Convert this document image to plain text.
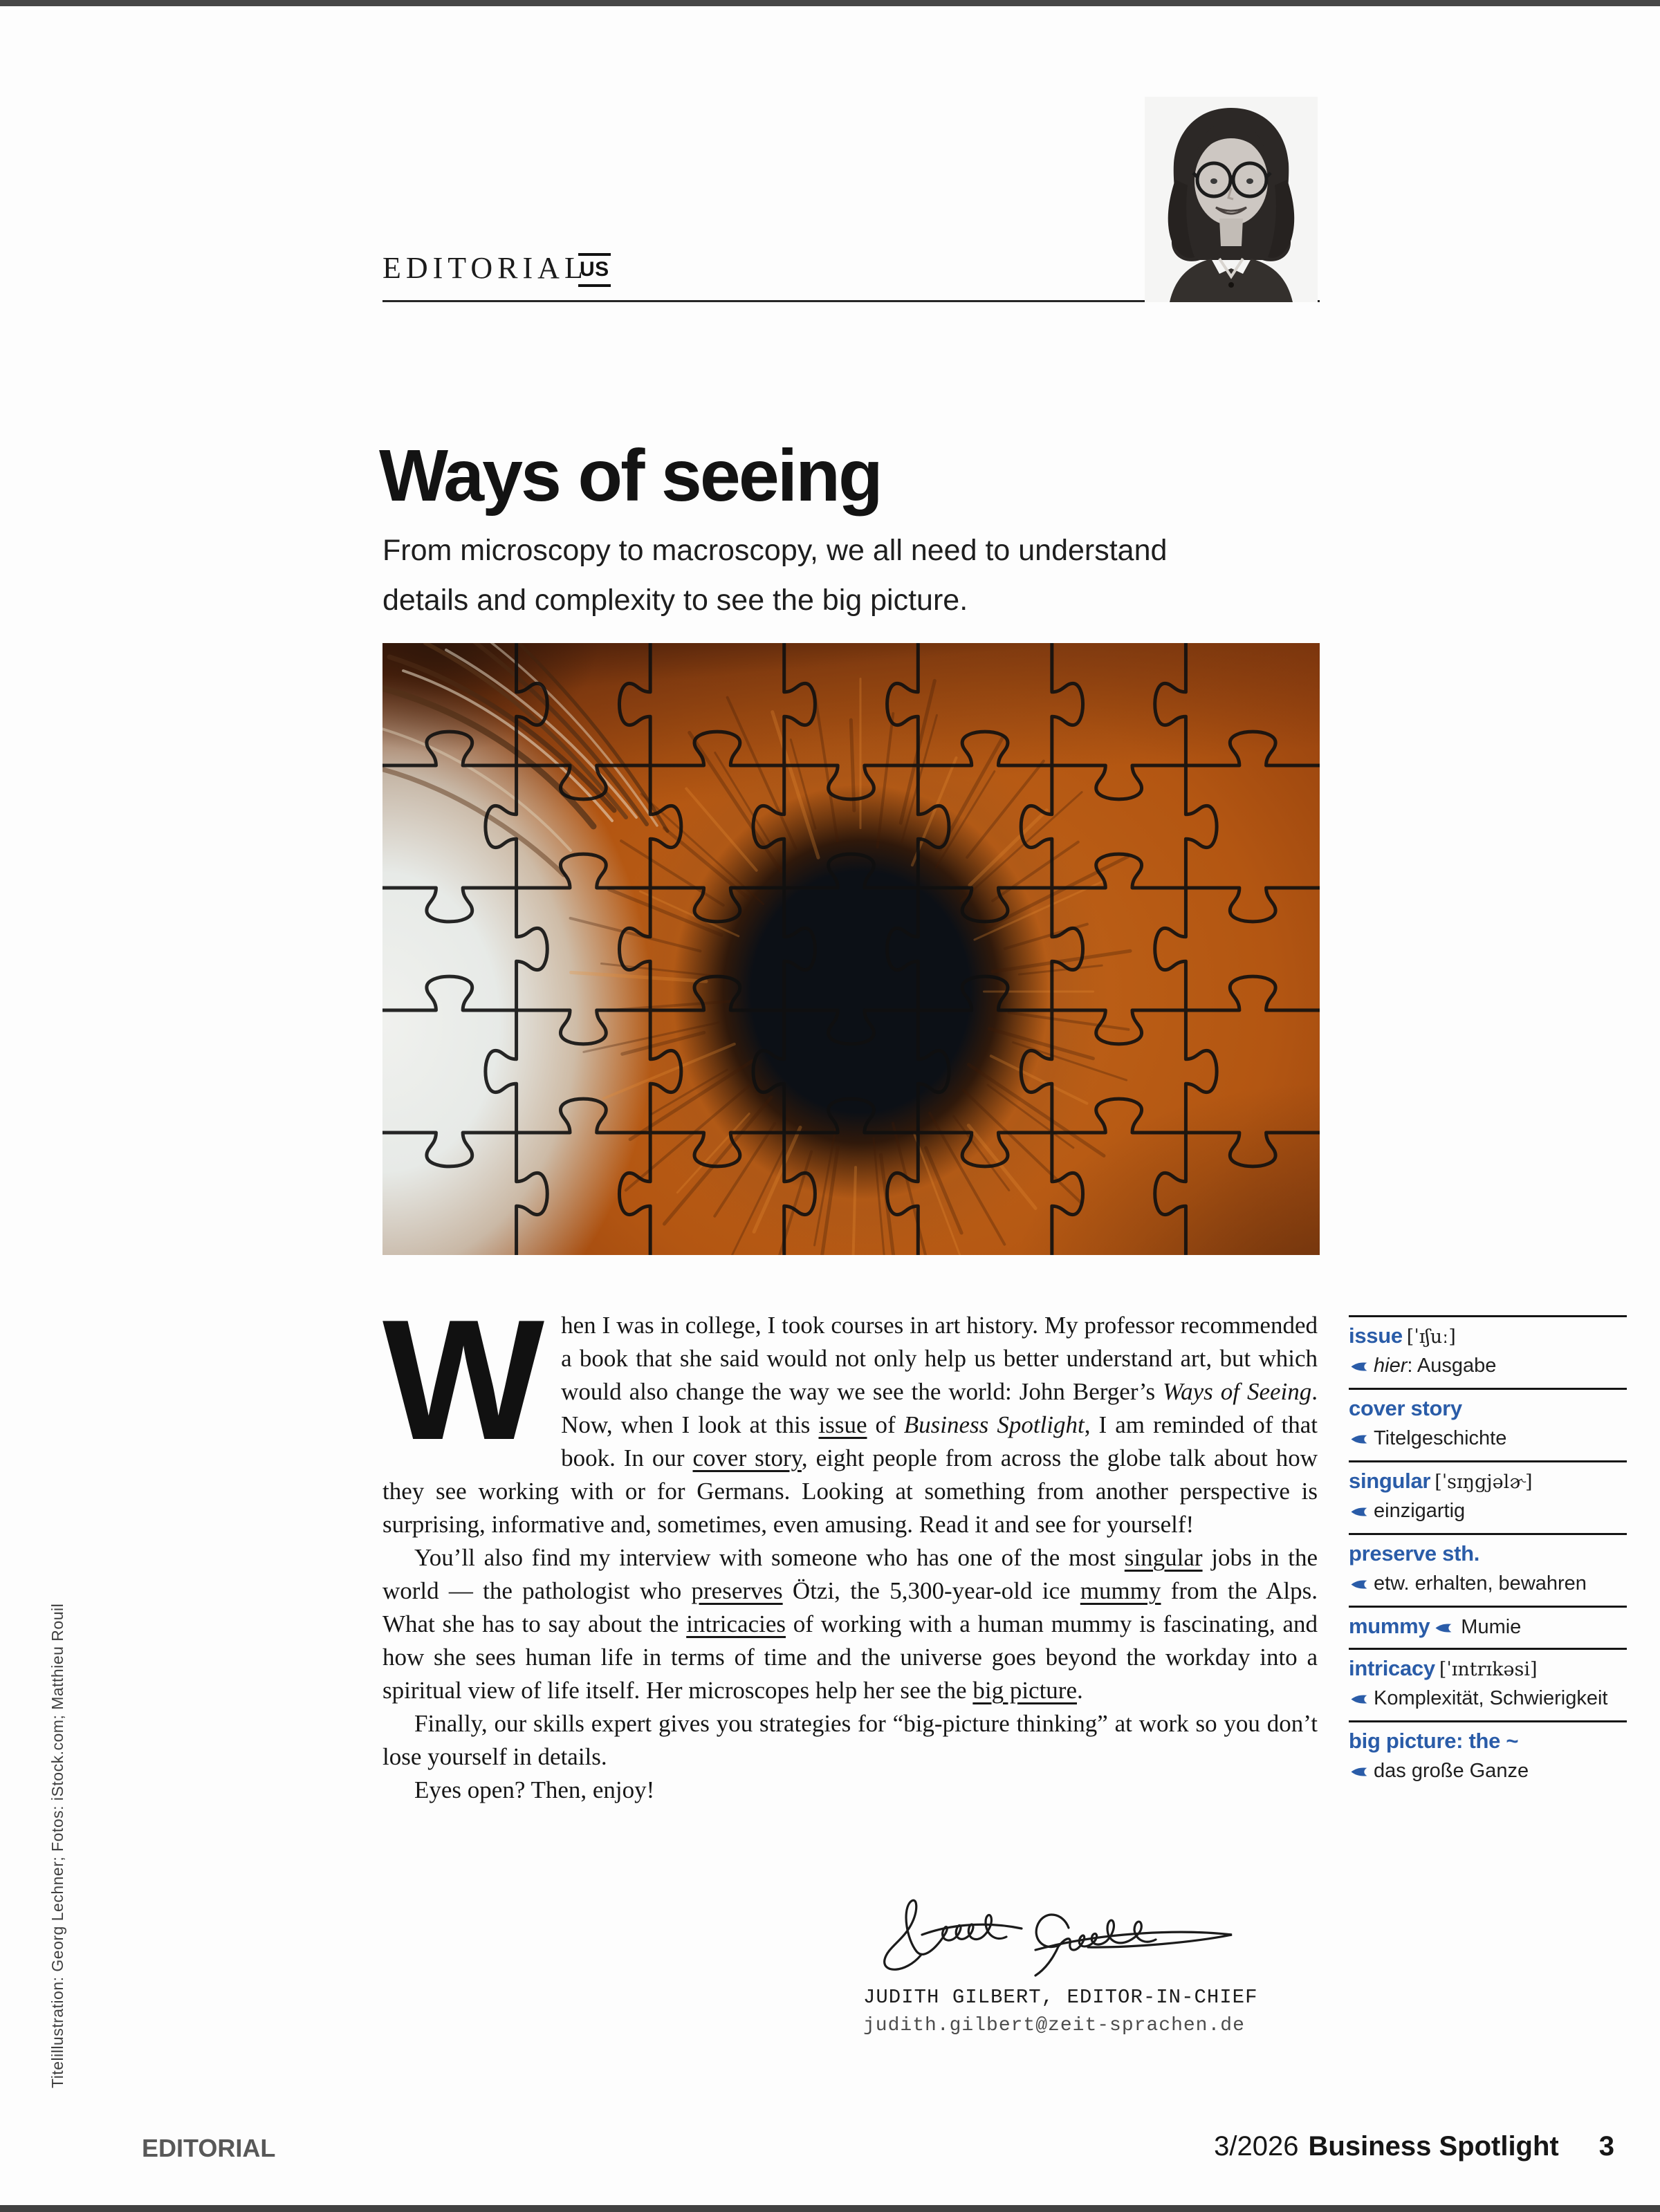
EDITORIAL
US
Ways of seeing
From microscopy to macroscopy, we all need to understand
details and complexity to see the big picture.

When I was in college, I took courses in art history. My professor recommended a book that she said would not only help us better understand art, but which would also change the way we see the world: John Berger’s Ways of Seeing. Now, when I look at this issue of Business Spotlight, I am reminded of that book. In our cover story, eight people from across the globe talk about how they see working with or for Germans. Looking at something from another perspective is surprising, informative and, sometimes, even amusing. Read it and see for yourself!

You’ll also find my interview with someone who has one of the most singular jobs in the world — the pathologist who preserves Ötzi, the 5,300-year-old ice mummy from the Alps. What she has to say about the intricacies of working with a human mummy is fascinating, and how she sees human life in terms of time and the universe goes beyond the workday into a spiritual view of life itself. Her microscopes help her see the big picture.

Finally, our skills expert gives you strategies for “big-picture thinking” at work so you don’t lose yourself in details.

Eyes open? Then, enjoy!

issue [ˈɪʃuː]
hier: Ausgabe
cover story
Titelgeschichte
singular [ˈsɪŋgjəlɚ]
einzigartig
preserve sth.
etw. erhalten, bewahren
mummy Mumie
intricacy [ˈɪntrɪkəsi]
Komplexität, Schwierigkeit
big picture: the ~
das große Ganze
JUDITH GILBERT, EDITOR-IN-CHIEF
judith.gilbert@zeit-sprachen.de
Titelillustration: Georg Lechner; Fotos: iStock.com; Matthieu Rouil
EDITORIAL	3/2026 Business Spotlight 3
